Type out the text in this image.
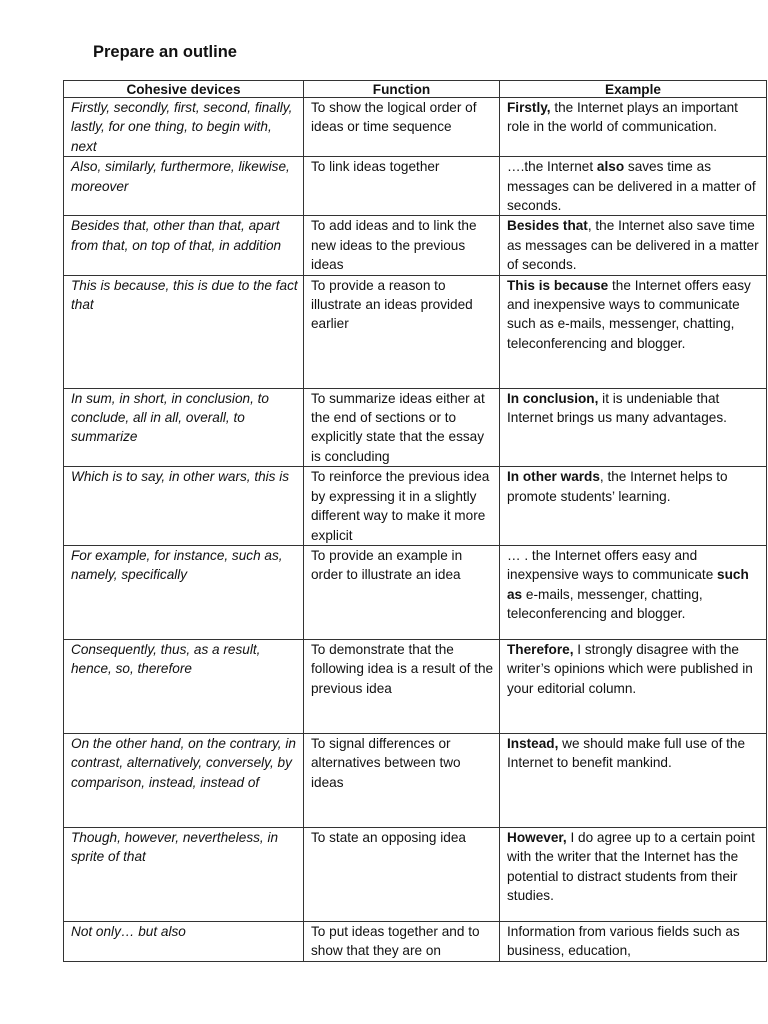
Prepare an outline
Cohesive devices	Function	Example
Firstly, secondly, first, second, finally, lastly, for one thing, to begin with, next	To show the logical order of ideas or time sequence	Firstly, the Internet plays an important role in the world of communication.
Also, similarly, furthermore, likewise, moreover	To link ideas together	….the Internet also saves time as messages can be delivered in a matter of seconds.
Besides that, other than that, apart from that, on top of that, in addition	To add ideas and to link the new ideas to the previous ideas	Besides that, the Internet also save time as messages can be delivered in a matter of seconds.
This is because, this is due to the fact that	To provide a reason to illustrate an ideas provided earlier	This is because the Internet offers easy and inexpensive ways to communicate such as e-mails, messenger, chatting, teleconferencing and blogger.
In sum, in short, in conclusion, to conclude, all in all, overall, to summarize	To summarize ideas either at the end of sections or to explicitly state that the essay is concluding	In conclusion, it is undeniable that Internet brings us many advantages.
Which is to say, in other wars, this is	To reinforce the previous idea by expressing it in a slightly different way to make it more explicit	In other wards, the Internet helps to promote students’ learning.
For example, for instance, such as, namely, specifically	To provide an example in order to illustrate an idea	… . the Internet offers easy and inexpensive ways to communicate such as e-mails, messenger, chatting, teleconferencing and blogger.
Consequently, thus, as a result, hence, so, therefore	To demonstrate that the following idea is a result of the previous idea	Therefore, I strongly disagree with the writer’s opinions which were published in your editorial column.
On the other hand, on the contrary, in contrast, alternatively, conversely, by comparison, instead, instead of	To signal differences or alternatives between two ideas	Instead, we should make full use of the Internet to benefit mankind.
Though, however, nevertheless, in sprite of that	To state an opposing idea	However, I do agree up to a certain point with the writer that the Internet has the potential to distract students from their studies.
Not only… but also	To put ideas together and to show that they are on	Information from various fields such as business, education,
